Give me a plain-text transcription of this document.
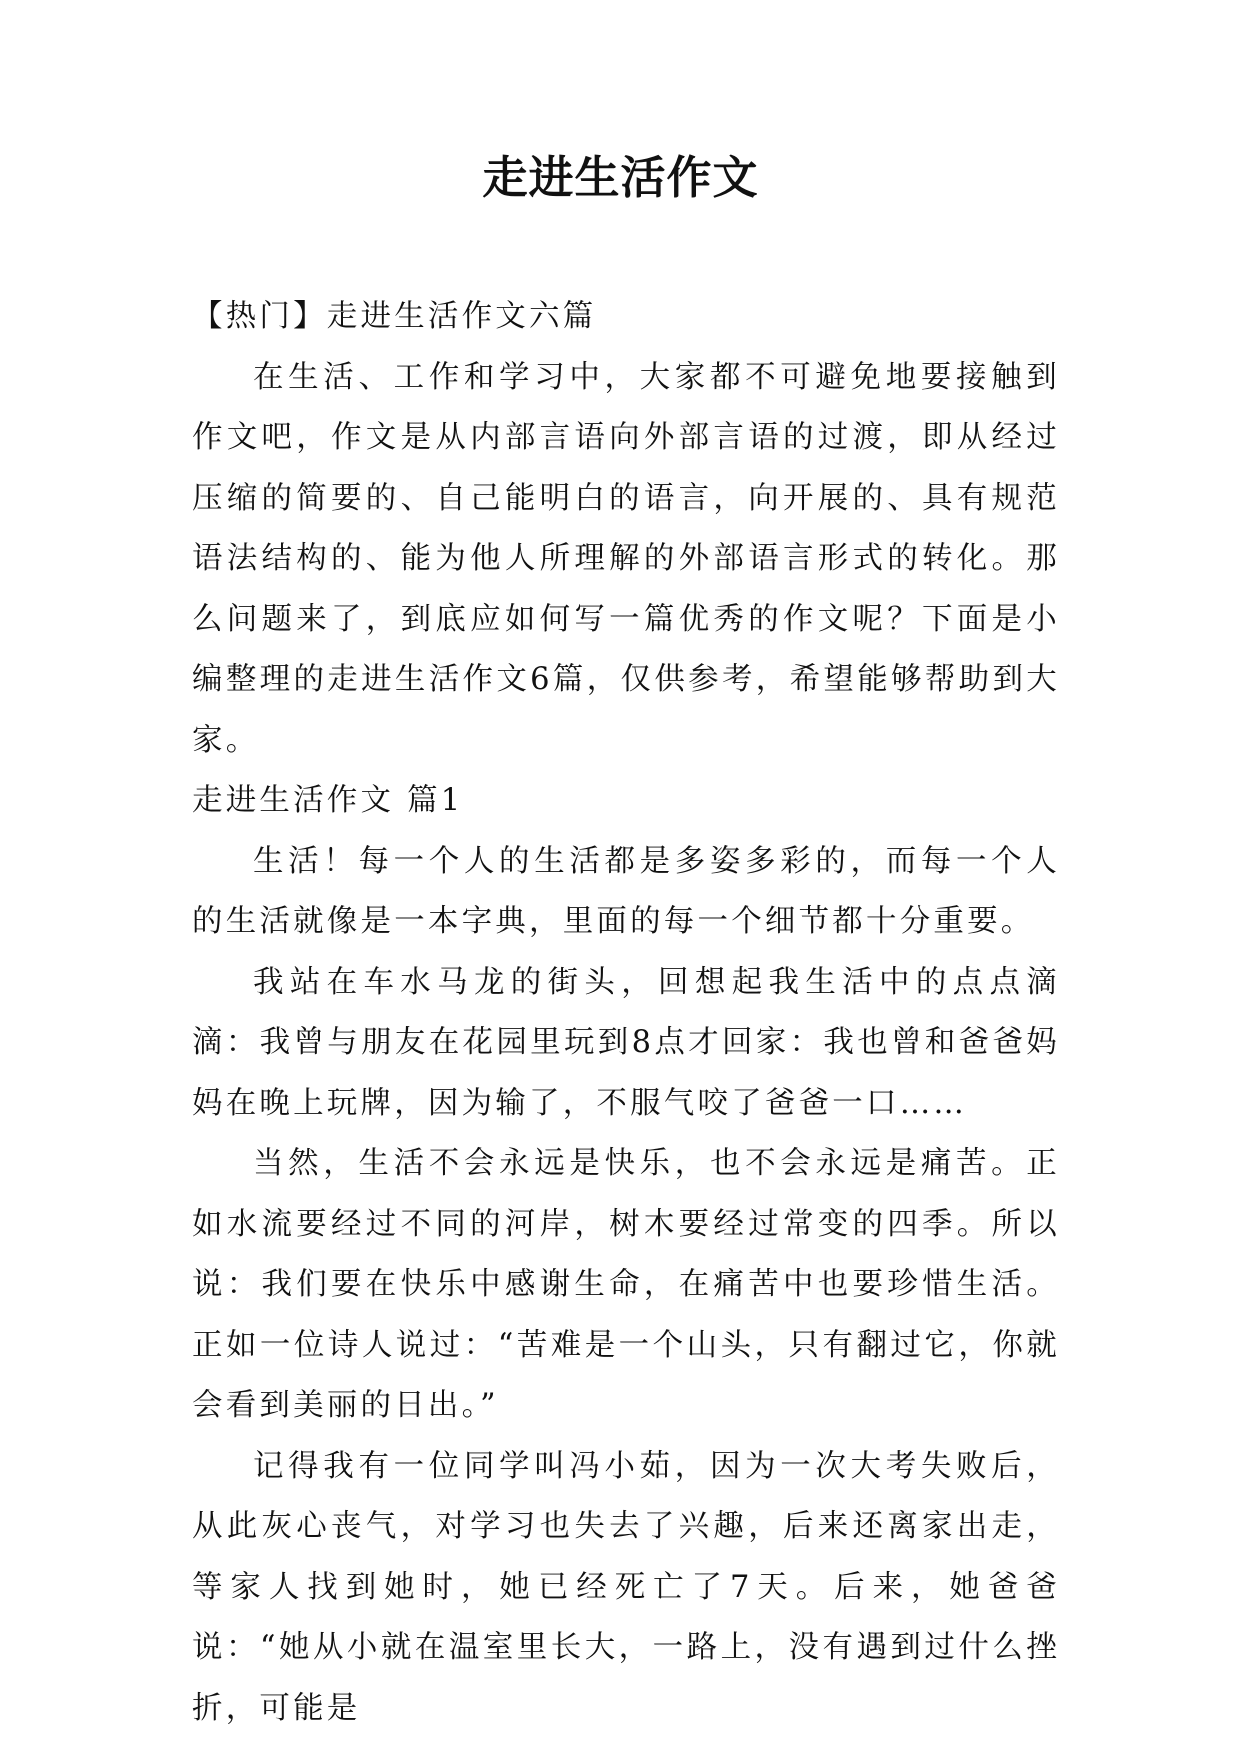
走进生活作文

【热门】走进生活作文六篇

在生活、工作和学习中，大家都不可避免地要接触到作文吧，作文是从内部言语向外部言语的过渡，即从经过压缩的简要的、自己能明白的语言，向开展的、具有规范语法结构的、能为他人所理解的外部语言形式的转化。那么问题来了，到底应如何写一篇优秀的作文呢？下面是小编整理的走进生活作文6篇，仅供参考，希望能够帮助到大家。

走进生活作文 篇1

生活！每一个人的生活都是多姿多彩的，而每一个人的生活就像是一本字典，里面的每一个细节都十分重要。

我站在车水马龙的街头，回想起我生活中的点点滴滴：我曾与朋友在花园里玩到8点才回家：我也曾和爸爸妈妈在晚上玩牌，因为输了，不服气咬了爸爸一口……

当然，生活不会永远是快乐，也不会永远是痛苦。正如水流要经过不同的河岸，树木要经过常变的四季。所以说：我们要在快乐中感谢生命，在痛苦中也要珍惜生活。正如一位诗人说过：“苦难是一个山头，只有翻过它，你就会看到美丽的日出。”

记得我有一位同学叫冯小茹，因为一次大考失败后，从此灰心丧气，对学习也失去了兴趣，后来还离家出走，等家人找到她时，她已经死亡了7天。后来，她爸爸说：“她从小就在温室里长大，一路上，没有遇到过什么挫折，可能是
